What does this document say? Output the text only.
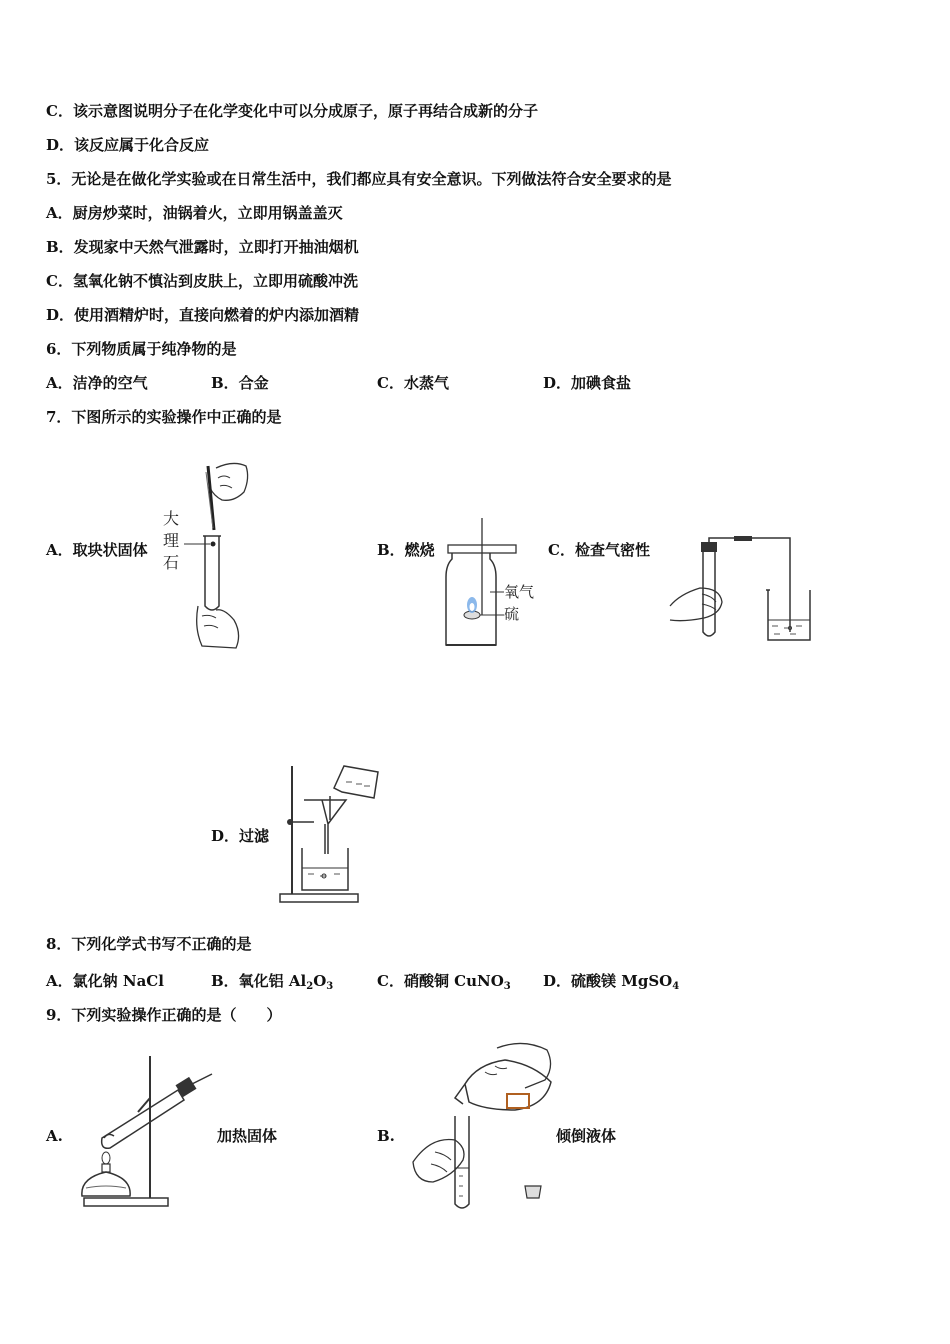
C．该示意图说明分子在化学变化中可以分成原子，原子再结合成新的分子
D．该反应属于化合反应
5．无论是在做化学实验或在日常生活中，我们都应具有安全意识。下列做法符合安全要求的是
A．厨房炒菜时，油锅着火，立即用锅盖盖灭
B．发现家中天然气泄露时，立即打开抽油烟机
C．氢氧化钠不慎沾到皮肤上，立即用硫酸冲洗
D．使用酒精炉时，直接向燃着的炉内添加酒精
6．下列物质属于纯净物的是
A．洁净的空气	B．合金	C．水蒸气	D．加碘食盐
7．下图所示的实验操作中正确的是
A．取块状固体	B．燃烧	C．检查气密性
D．过滤
大
理
石
氧气
硫
8．下列化学式书写不正确的是
A．氯化钠 NaCl	B．氧化铝 $Al_2O_3$	C．硝酸铜 CuNO$_3$ D．硫酸镁 MgSO$_4$
9．下列实验操作正确的是（　　）
A.	加热固体	B.	倾倒液体
